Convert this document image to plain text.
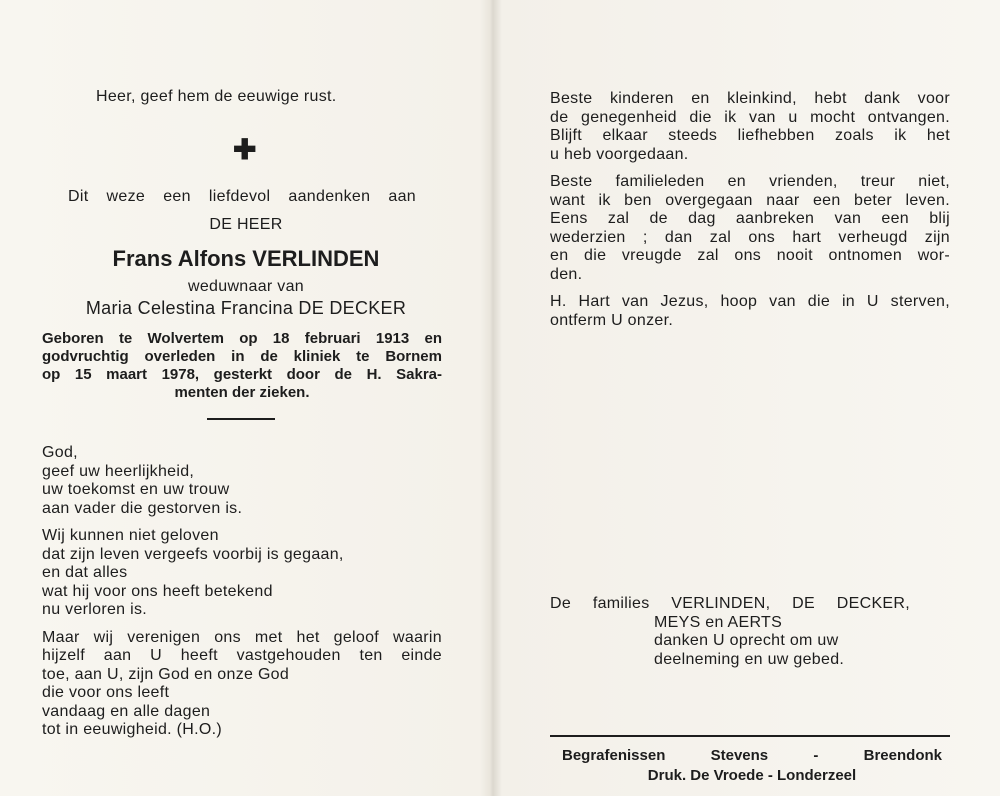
Heer, geef hem de eeuwige rust.
✚
Dit weze een liefdevol aandenken aan
DE HEER
Frans Alfons VERLINDEN
weduwnaar van
Maria Celestina Francina DE DECKER
Geboren te Wolvertem op 18 februari 1913 en
godvruchtig overleden in de kliniek te Bornem
op 15 maart 1978, gesterkt door de H. Sakra-
menten der zieken.
God,
geef uw heerlijkheid,
uw toekomst en uw trouw
aan vader die gestorven is.
Wij kunnen niet geloven
dat zijn leven vergeefs voorbij is gegaan,
en dat alles
wat hij voor ons heeft betekend
nu verloren is.
Maar wij verenigen ons met het geloof waarin
hijzelf aan U heeft vastgehouden ten einde
toe, aan U, zijn God en onze God
die voor ons leeft
vandaag en alle dagen
tot in eeuwigheid. (H.O.)
Beste kinderen en kleinkind, hebt dank voor
de genegenheid die ik van u mocht ontvangen.
Blijft elkaar steeds liefhebben zoals ik het
u heb voorgedaan.
Beste familieleden en vrienden, treur niet,
want ik ben overgegaan naar een beter leven.
Eens zal de dag aanbreken van een blij
wederzien ; dan zal ons hart verheugd zijn
en die vreugde zal ons nooit ontnomen wor-
den.
H. Hart van Jezus, hoop van die in U sterven,
ontferm U onzer.
De families VERLINDEN, DE DECKER,
MEYS en AERTS
danken U oprecht om uw
deelneming en uw gebed.
Begrafenissen Stevens - Breendonk
Druk. De Vroede - Londerzeel
